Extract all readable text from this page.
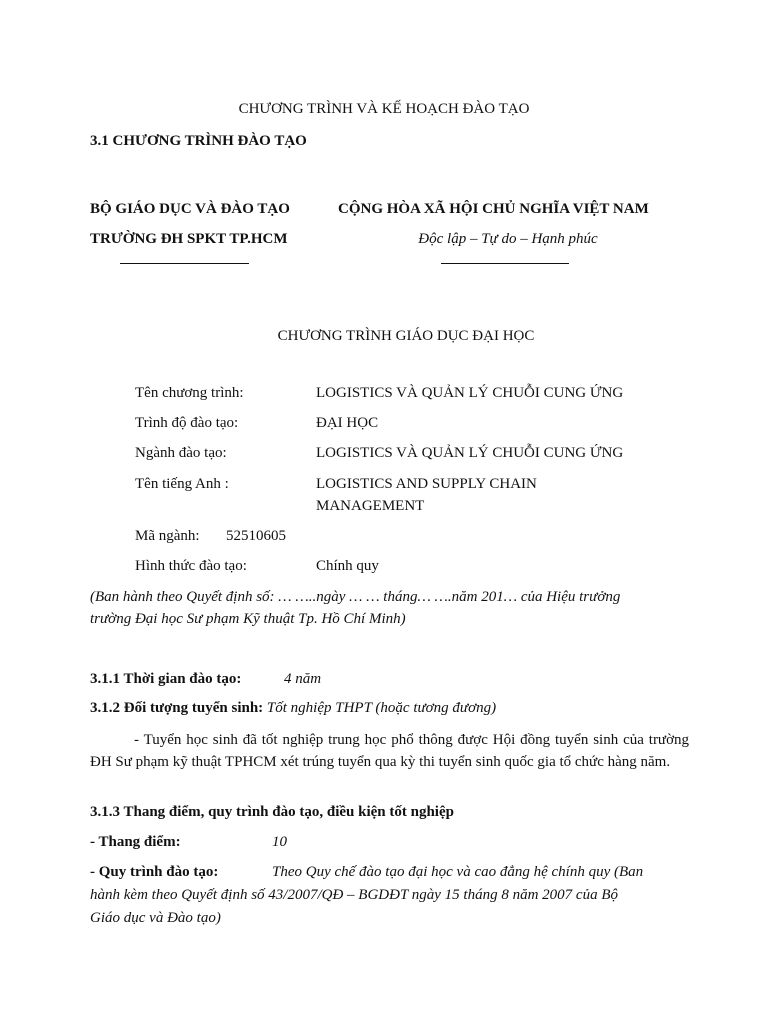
CHƯƠNG TRÌNH VÀ KẾ HOẠCH ĐÀO TẠO
3.1 CHƯƠNG TRÌNH ĐÀO TẠO
BỘ GIÁO DỤC VÀ ĐÀO TẠO
TRƯỜNG ĐH SPKT TP.HCM
CỘNG HÒA XÃ HỘI CHỦ NGHĨA VIỆT NAM
Độc lập – Tự do – Hạnh phúc
CHƯƠNG TRÌNH GIÁO DỤC ĐẠI HỌC
Tên chương trình:	LOGISTICS VÀ QUẢN LÝ CHUỖI CUNG ỨNG
Trình độ đào tạo:	ĐẠI HỌC
Ngành đào tạo:	LOGISTICS VÀ QUẢN LÝ CHUỖI CUNG ỨNG
Tên tiếng Anh :	LOGISTICS AND SUPPLY CHAIN
MANAGEMENT
Mã ngành: 52510605
Hình thức đào tạo:	Chính quy
(Ban hành theo Quyết định số: … …..ngày … … tháng… ….năm 201… của Hiệu trưởng
trường Đại học Sư phạm Kỹ thuật Tp. Hồ Chí Minh)
3.1.1 Thời gian đào tạo:	4 năm
3.1.2 Đối tượng tuyển sinh: Tốt nghiệp THPT (hoặc tương đương)
- Tuyển học sinh đã tốt nghiệp trung học phổ thông được Hội đồng tuyển sinh của trường ĐH Sư phạm kỹ thuật TPHCM xét trúng tuyển qua kỳ thi tuyển sinh quốc gia tổ chức hàng năm.
3.1.3 Thang điểm, quy trình đào tạo, điều kiện tốt nghiệp
- Thang điểm:	10
- Quy trình đào tạo:	Theo Quy chế đào tạo đại học và cao đẳng hệ chính quy (Ban
hành kèm theo Quyết định số 43/2007/QĐ – BGDĐT ngày 15 tháng 8 năm 2007 của Bộ
Giáo dục và Đào tạo)
